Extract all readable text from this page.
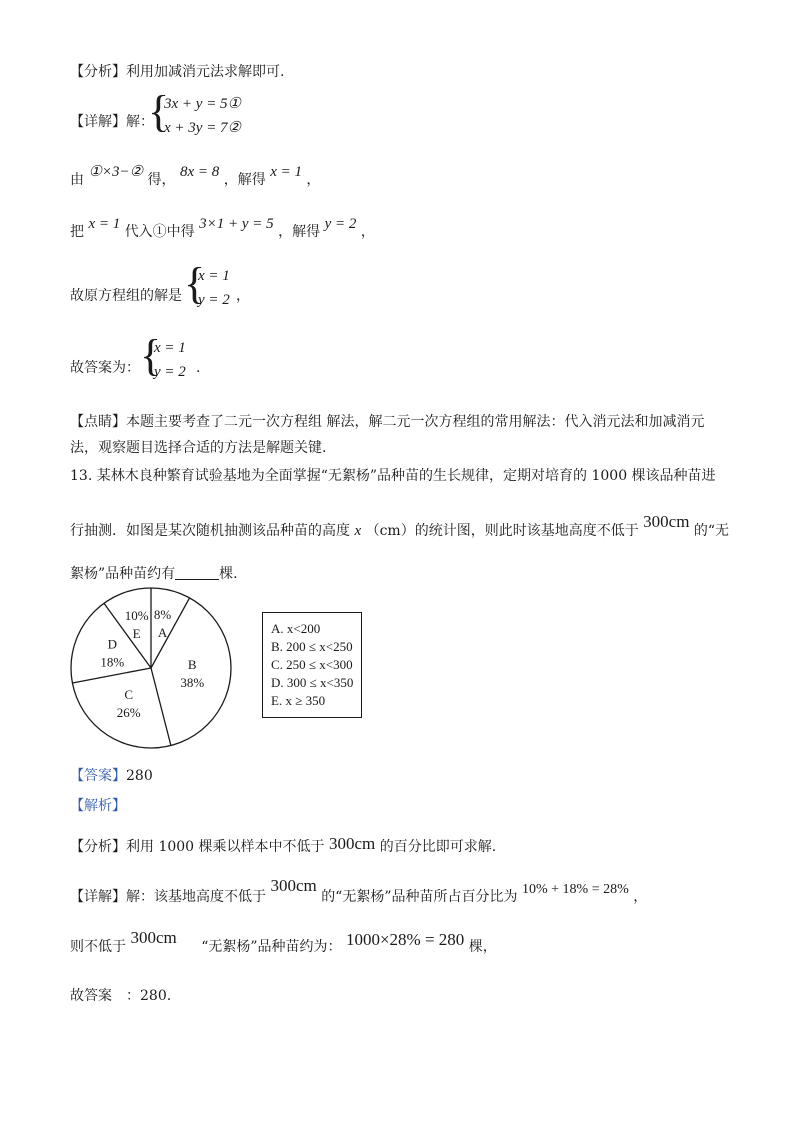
【分析】利用加减消元法求解即可.
【详解】解：
{
3x + y = 5①
x + 3y = 7②
由 ①×3−② 得， 8x = 8 ，解得 x = 1 ，
把 x = 1 代入①中得 3×1 + y = 5 ，解得 y = 2 ，
故原方程组的解是 {
x = 1
y = 2 ，
故答案为： {
x = 1
y = 2 .
【点睛】本题主要考查了二元一次方程组 解法，解二元一次方程组的常用解法：代入消元法和加减消元
法，观察题目选择合适的方法是解题关键.
13. 某林木良种繁育试验基地为全面掌握“无絮杨”品种苗的生长规律，定期对培育的 1000 棵该品种苗进
行抽测．如图是某次随机抽测该品种苗的高度 x （cm）的统计图，则此时该基地高度不低于 300cm 的“无
絮杨”品种苗约有	棵.
8%
A
B
38%
C
26%
D
18%
10%
E	A. x<200
B. 200 ≤ x<250
C. 250 ≤ x<300
D. 300 ≤ x<350
E. x ≥ 350
【答案】280
【解析】
【分析】利用 1000 棵乘以样本中不低于 300cm 的百分比即可求解.
【详解】解：该基地高度不低于 300cm 的“无絮杨”品种苗所占百分比为 10% + 18% = 28% ，
则不低于 300cm “无絮杨”品种苗约为： 1000×28% = 280 棵，
故答案 ：280.
